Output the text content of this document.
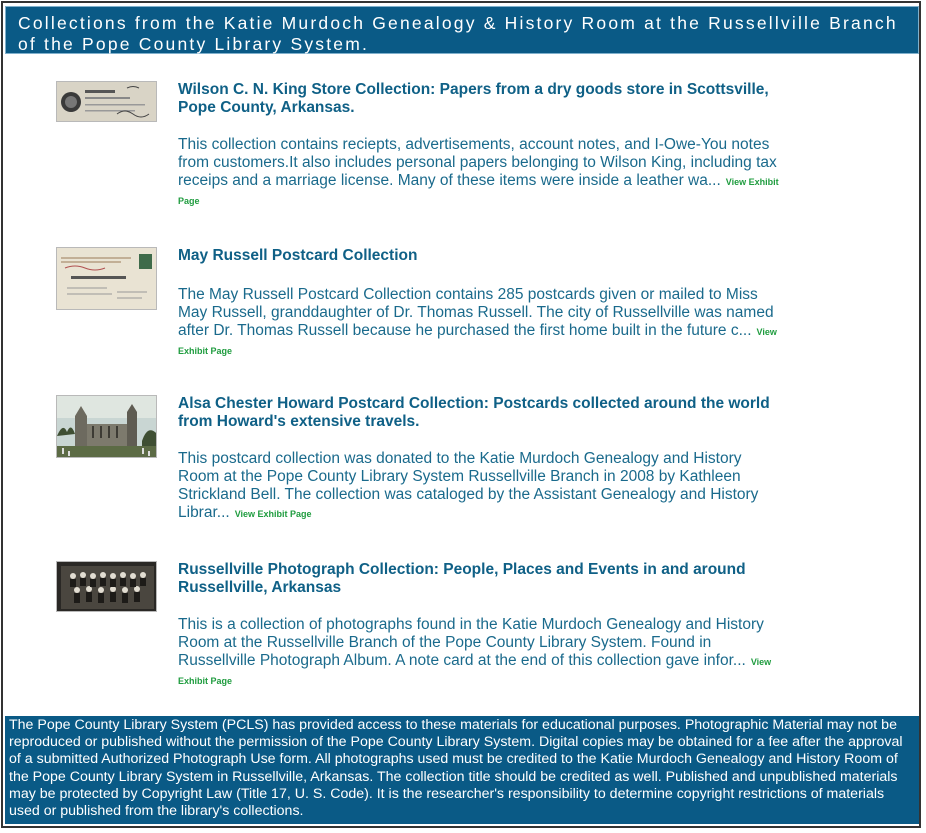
Collections from the Katie Murdoch Genealogy & History Room at the Russellville Branch of the Pope County Library System.

Wilson C. N. King Store Collection: Papers from a dry goods store in Scottsville, Pope County, Arkansas.

This collection contains reciepts, advertisements, account notes, and I-Owe-You notes from customers.It also includes personal papers belonging to Wilson King, including tax receips and a marriage license. Many of these items were inside a leather wa... View Exhibit Page

May Russell Postcard Collection

The May Russell Postcard Collection contains 285 postcards given or mailed to Miss May Russell, granddaughter of Dr. Thomas Russell. The city of Russellville was named after Dr. Thomas Russell because he purchased the first home built in the future c... View Exhibit Page

Alsa Chester Howard Postcard Collection: Postcards collected around the world from Howard's extensive travels.

This postcard collection was donated to the Katie Murdoch Genealogy and History Room at the Pope County Library System Russellville Branch in 2008 by Kathleen Strickland Bell. The collection was cataloged by the Assistant Genealogy and History Librar... View Exhibit Page

Russellville Photograph Collection: People, Places and Events in and around Russellville, Arkansas

This is a collection of photographs found in the Katie Murdoch Genealogy and History Room at the Russellville Branch of the Pope County Library System. Found in Russellville Photograph Album. A note card at the end of this collection gave infor... View Exhibit Page

The Pope County Library System (PCLS) has provided access to these materials for educational purposes. Photographic Material may not be reproduced or published without the permission of the Pope County Library System. Digital copies may be obtained for a fee after the approval of a submitted Authorized Photograph Use form. All photographs used must be credited to the Katie Murdoch Genealogy and History Room of the Pope County Library System in Russellville, Arkansas. The collection title should be credited as well. Published and unpublished materials may be protected by Copyright Law (Title 17, U. S. Code). It is the researcher's responsibility to determine copyright restrictions of materials used or published from the library's collections.
